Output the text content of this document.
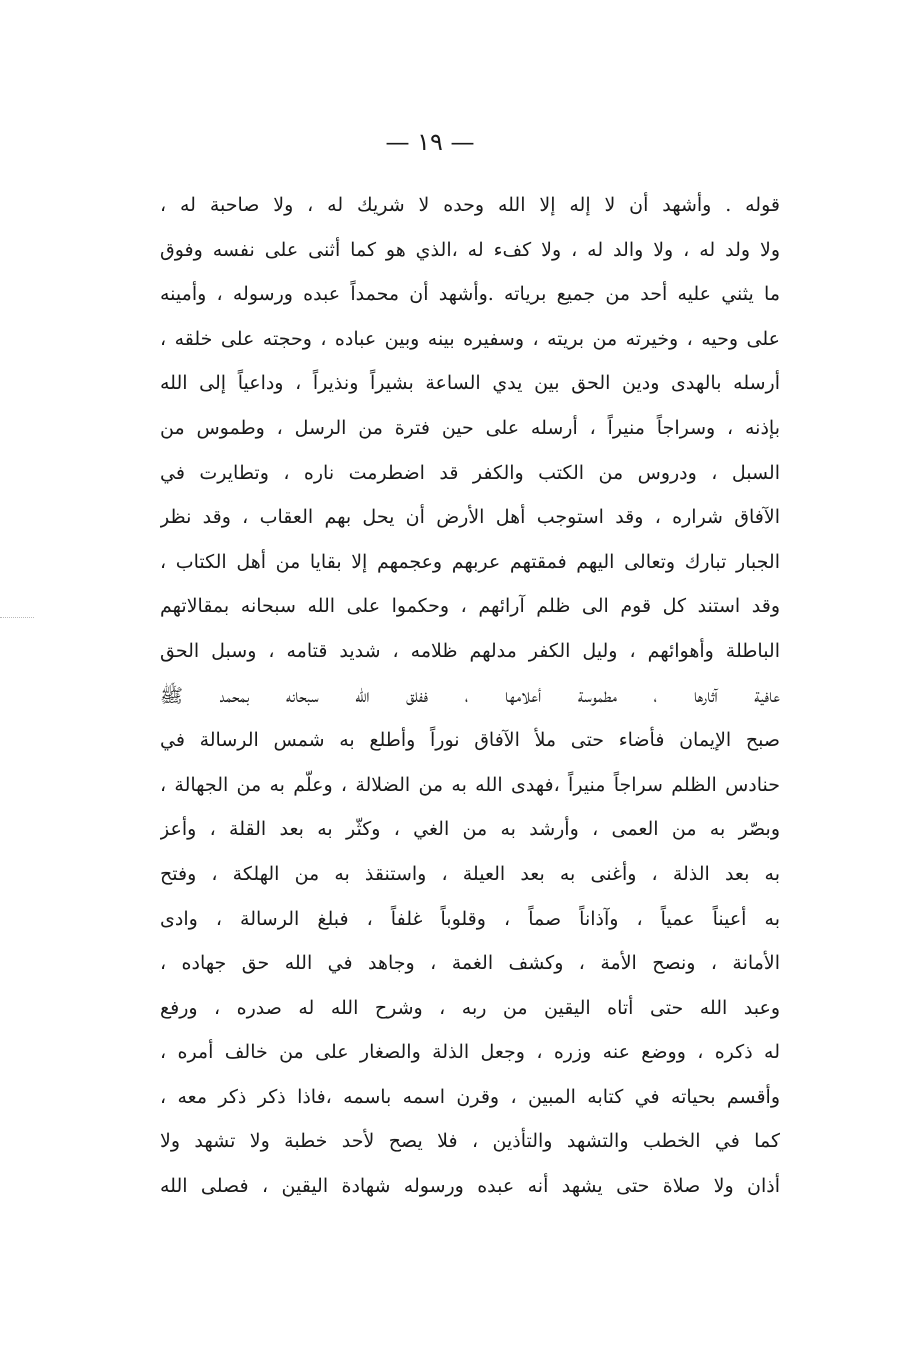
— ١٩ —
قوله . وأشهد أن لا إله إلا الله وحده لا شريك له ، ولا صاحبة له ،
ولا ولد له ، ولا والد له ، ولا كفء له ،الذي هو كما أثنى على نفسه وفوق
ما يثني عليه أحد من جميع برياته .وأشهد أن محمداً عبده ورسوله ، وأمينه
على وحيه ، وخيرته من بريته ، وسفيره بينه وبين عباده ، وحجته على خلقه ،
أرسله بالهدى ودين الحق بين يدي الساعة بشيراً ونذيراً ، وداعياً إلى الله
بإذنه ، وسراجاً منيراً ، أرسله على حين فترة من الرسل ، وطموس من
السبل ، ودروس من الكتب والكفر قد اضطرمت ناره ، وتطايرت في
الآفاق شراره ، وقد استوجب أهل الأرض أن يحل بهم العقاب ، وقد نظر
الجبار تبارك وتعالى اليهم فمقتهم عربهم وعجمهم إلا بقايا من أهل الكتاب ،
وقد استند كل قوم الى ظلم آرائهم ، وحكموا على الله سبحانه بمقالاتهم
الباطلة وأهوائهم ، وليل الكفر مدلهم ظلامه ، شديد قتامه ، وسبل الحق
عافية آثارها ، مطموسة أعلامها ، ففلق الله سبحانه بمحمد ﷺ
صبح الإيمان فأضاء حتى ملأ الآفاق نوراً وأطلع به شمس الرسالة في
حنادس الظلم سراجاً منيراً ،فهدى الله به من الضلالة ، وعلّم به من الجهالة ،
وبصّر به من العمى ، وأرشد به من الغي ، وكثّر به بعد القلة ، وأعز
به بعد الذلة ، وأغنى به بعد العيلة ، واستنقذ به من الهلكة ، وفتح
به أعيناً عمياً ، وآذاناً صماً ، وقلوباً غلفاً ، فبلغ الرسالة ، وادى
الأمانة ، ونصح الأمة ، وكشف الغمة ، وجاهد في الله حق جهاده ،
وعبد الله حتى أتاه اليقين من ربه ، وشرح الله له صدره ، ورفع
له ذكره ، ووضع عنه وزره ، وجعل الذلة والصغار على من خالف أمره ،
وأقسم بحياته في كتابه المبين ، وقرن اسمه باسمه ،فاذا ذكر ذكر معه ،
كما في الخطب والتشهد والتأذين ، فلا يصح لأحد خطبة ولا تشهد ولا
أذان ولا صلاة حتى يشهد أنه عبده ورسوله شهادة اليقين ، فصلى الله
